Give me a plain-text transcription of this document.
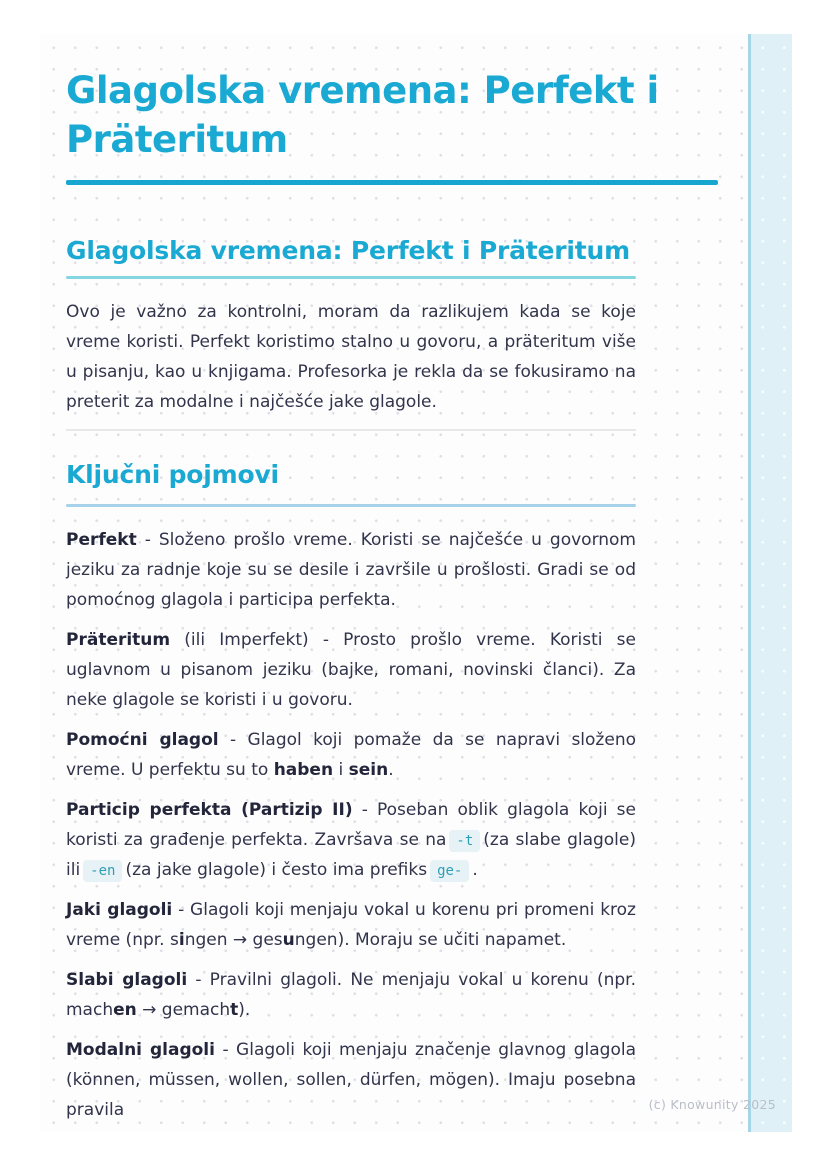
Glagolska vremena: Perfekt i Präteritum
Glagolska vremena: Perfekt i Präteritum

Ovo je važno za kontrolni, moram da razlikujem kada se koje vreme koristi. Perfekt koristimo stalno u govoru, a präteritum više u pisanju, kao u knjigama. Profesorka je rekla da se fokusiramo na preterit za modalne i najčešće jake glagole.

Ključni pojmovi

Perfekt - Složeno prošlo vreme. Koristi se najčešće u govornom jeziku za radnje koje su se desile i završile u prošlosti. Gradi se od pomoćnog glagola i participa perfekta.

Präteritum (ili Imperfekt) - Prosto prošlo vreme. Koristi se uglavnom u pisanom jeziku (bajke, romani, novinski članci). Za neke glagole se koristi i u govoru.

Pomoćni glagol - Glagol koji pomaže da se napravi složeno vreme. U perfektu su to haben i sein.

Particip perfekta (Partizip II) - Poseban oblik glagola koji se koristi za građenje perfekta. Završava se na -t (za slabe glagole) ili -en (za jake glagole) i često ima prefiks ge- .

Jaki glagoli - Glagoli koji menjaju vokal u korenu pri promeni kroz vreme (npr. singen → gesungen). Moraju se učiti napamet.

Slabi glagoli - Pravilni glagoli. Ne menjaju vokal u korenu (npr. machen → gemacht).

Modalni glagoli - Glagoli koji menjaju značenje glavnog glagola (können, müssen, wollen, sollen, dürfen, mögen). Imaju posebna pravila	(c) Knowunity 2025
